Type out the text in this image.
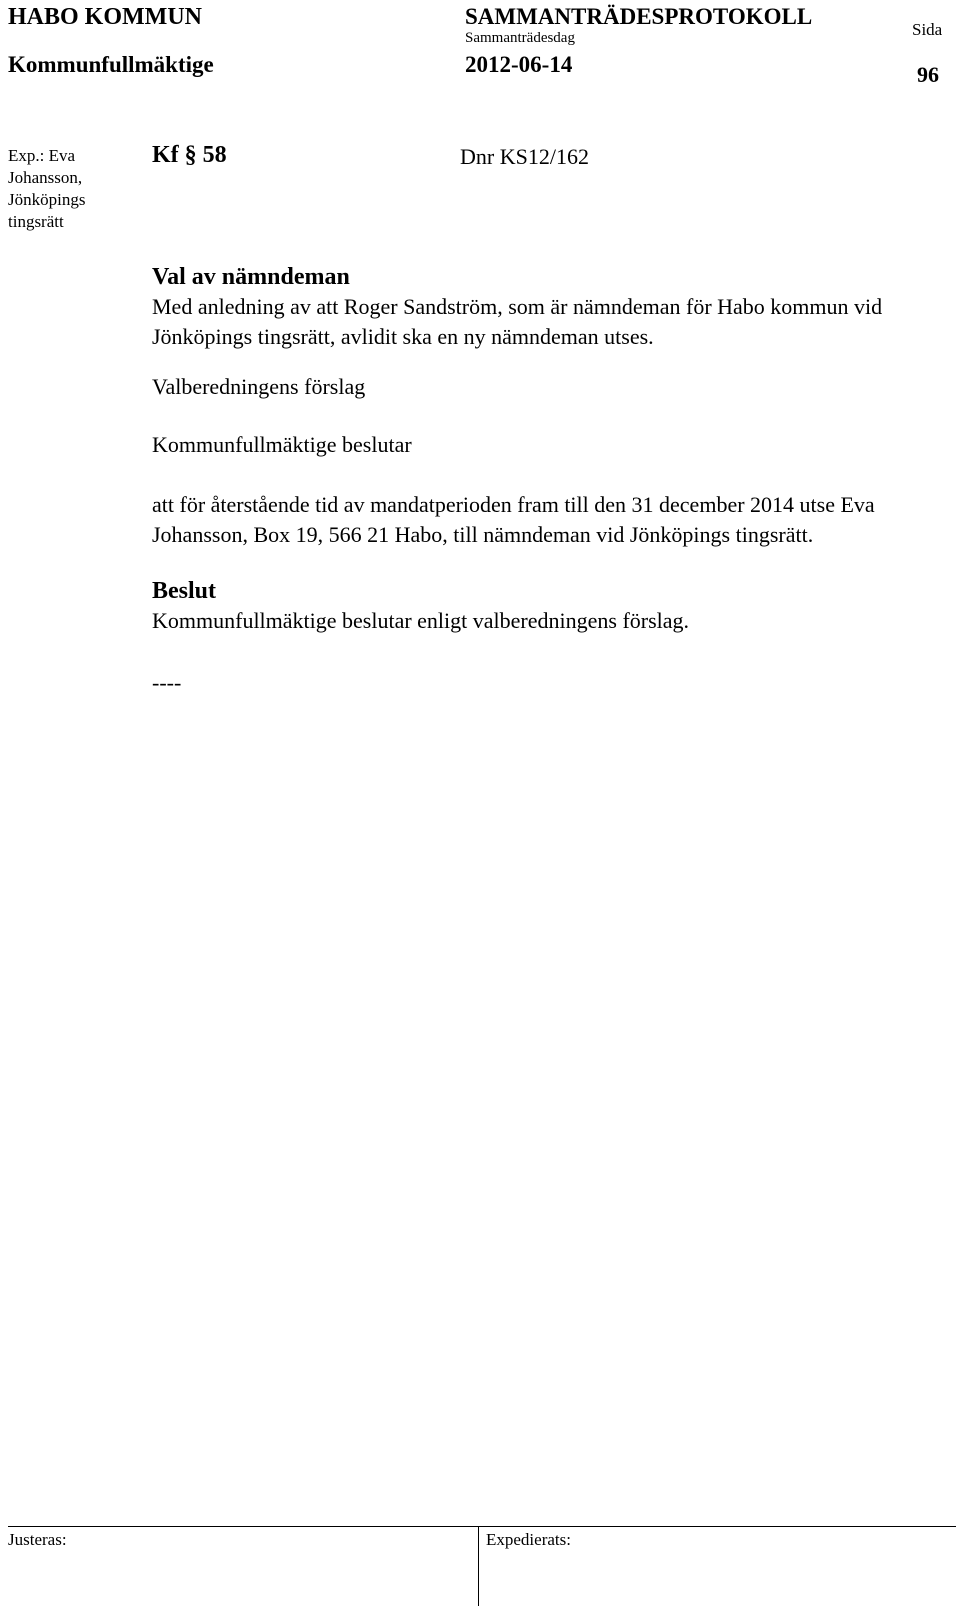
HABO KOMMUN	SAMMANTRÄDESPROTOKOLL
Sida
Kommunfullmäktige
Sammanträdesdag
2012-06-14	96
Exp.: Eva Johansson, Jönköpings tingsrätt
Kf § 58	Dnr KS12/162

Val av nämndeman

Med anledning av att Roger Sandström, som är nämndeman för Habo kommun vid Jönköpings tingsrätt, avlidit ska en ny nämndeman utses.

Valberedningens förslag

Kommunfullmäktige beslutar

att för återstående tid av mandatperioden fram till den 31 december 2014 utse Eva Johansson, Box 19, 566 21 Habo, till nämndeman vid Jönköpings tingsrätt.

Beslut

Kommunfullmäktige beslutar enligt valberedningens förslag.

----

Justeras:	Expedierats:
